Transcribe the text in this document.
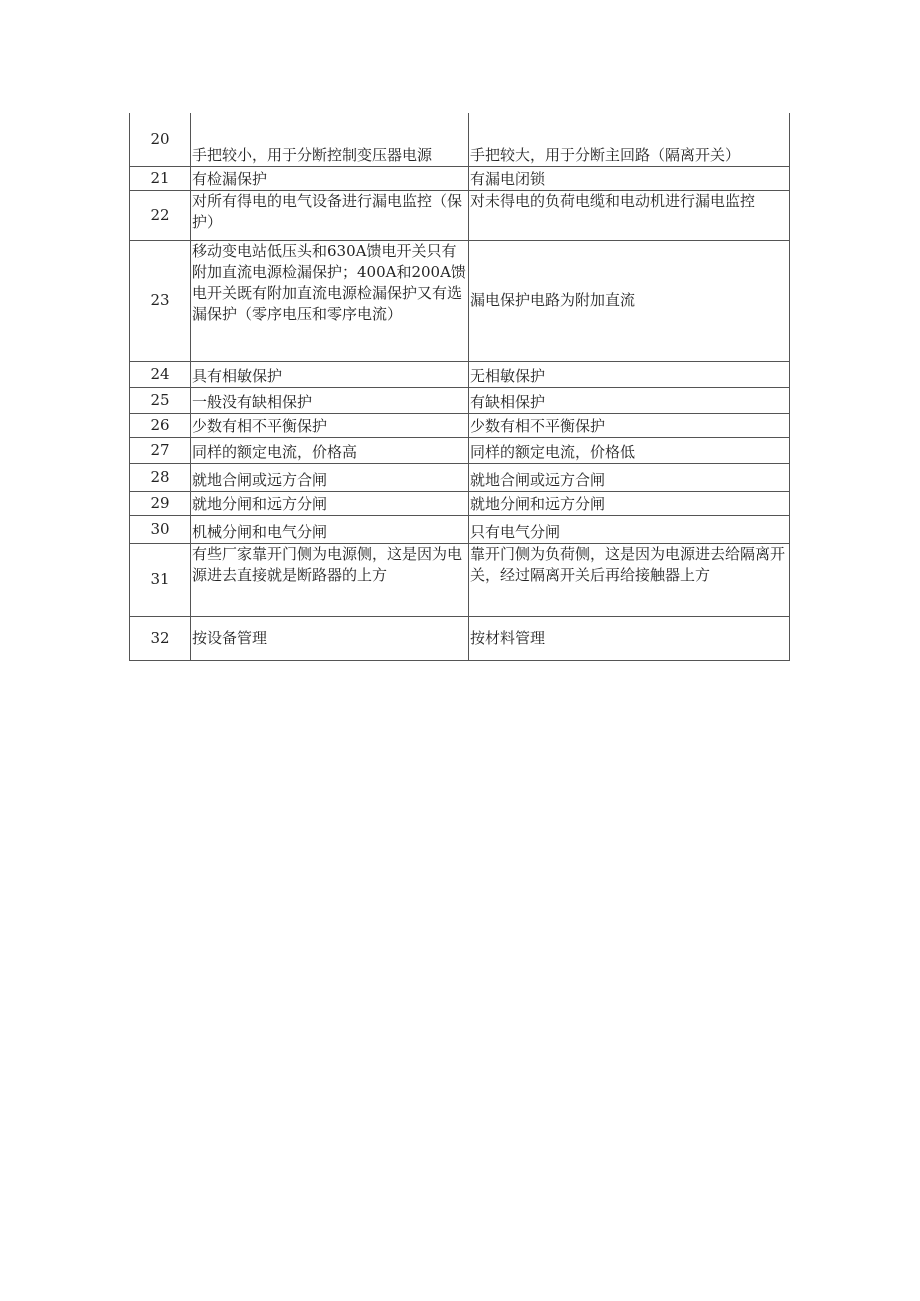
20	手把较小，用于分断控制变压器电源	手把较大，用于分断主回路（隔离开关）
21	有检漏保护	有漏电闭锁
22	对所有得电的电气设备进行漏电监控（保护）	对未得电的负荷电缆和电动机进行漏电监控
23	移动变电站低压头和630A馈电开关只有附加直流电源检漏保护；400A和200A馈电开关既有附加直流电源检漏保护又有选漏保护（零序电压和零序电流）	漏电保护电路为附加直流
24	具有相敏保护	无相敏保护
25	一般没有缺相保护	有缺相保护
26	少数有相不平衡保护	少数有相不平衡保护
27	同样的额定电流，价格高	同样的额定电流，价格低
28	就地合闸或远方合闸	就地合闸或远方合闸
29	就地分闸和远方分闸	就地分闸和远方分闸
30	机械分闸和电气分闸	只有电气分闸
31	有些厂家靠开门侧为电源侧，这是因为电源进去直接就是断路器的上方	靠开门侧为负荷侧，这是因为电源进去给隔离开关，经过隔离开关后再给接触器上方
32	按设备管理	按材料管理
